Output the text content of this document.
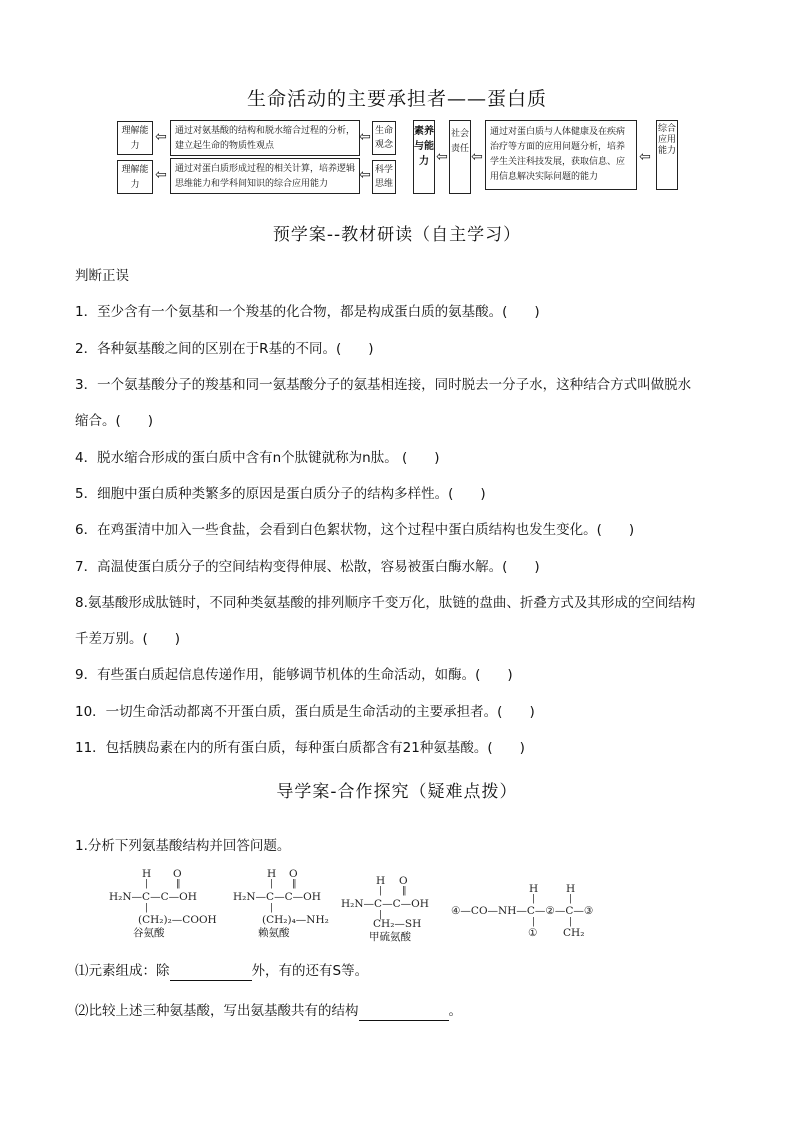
生命活动的主要承担者——蛋白质
理解能力
⇦ 通过对氨基酸的结构和脱水缩合过程的分析，建立起生命的物质性观点
⇦ 生命观念
理解能力
⇦ 通过对蛋白质形成过程的相关计算，培养逻辑思维能力和学科间知识的综合应用能力
⇦ 科学思维
素养与能力 ⇦
社会责任 ⇦
通过对蛋白质与人体健康及在疾病治疗等方面的应用问题分析，培养学生关注科技发展，获取信息、应用信息解决实际问题的能力
⇦
综合应用能力
预学案--教材研读（自主学习）
判断正误
1．至少含有一个氨基和一个羧基的化合物，都是构成蛋白质的氨基酸。(　　)
2．各种氨基酸之间的区别在于R基的不同。(　　)
3．一个氨基酸分子的羧基和同一氨基酸分子的氨基相连接，同时脱去一分子水，这种结合方式叫做脱水
缩合。(　　)
4．脱水缩合形成的蛋白质中含有n个肽键就称为n肽。 (　　)
5．细胞中蛋白质种类繁多的原因是蛋白质分子的结构多样性。(　　)
6．在鸡蛋清中加入一些食盐，会看到白色絮状物，这个过程中蛋白质结构也发生变化。(　　)
7．高温使蛋白质分子的空间结构变得伸展、松散，容易被蛋白酶水解。(　　)
8.氨基酸形成肽链时，不同种类氨基酸的排列顺序千变万化，肽链的盘曲、折叠方式及其形成的空间结构
千差万别。(　　)
9．有些蛋白质起信息传递作用，能够调节机体的生命活动，如酶。(　　)
10．一切生命活动都离不开蛋白质，蛋白质是生命活动的主要承担者。(　　)
11．包括胰岛素在内的所有蛋白质，每种蛋白质都含有21种氨基酸。(　　)
导学案-合作探究（疑难点拨）
1.分析下列氨基酸结构并回答问题。
H O
|	‖
H₂N—C—C—OH
|
(CH₂)₂—COOH
谷氨酸
H O
| ‖
H₂N—C—C—OH
|
(CH₂)₄—NH₂
赖氨酸
H O
| ‖
H₂N—C—C—OH
|
CH₂—SH
甲硫氨酸
H	H
|	|
④—CO—NH—C—②—C—③
|	|
① CH₂
⑴元素组成：除	外，有的还有S等。
⑵比较上述三种氨基酸，写出氨基酸共有的结构	。
